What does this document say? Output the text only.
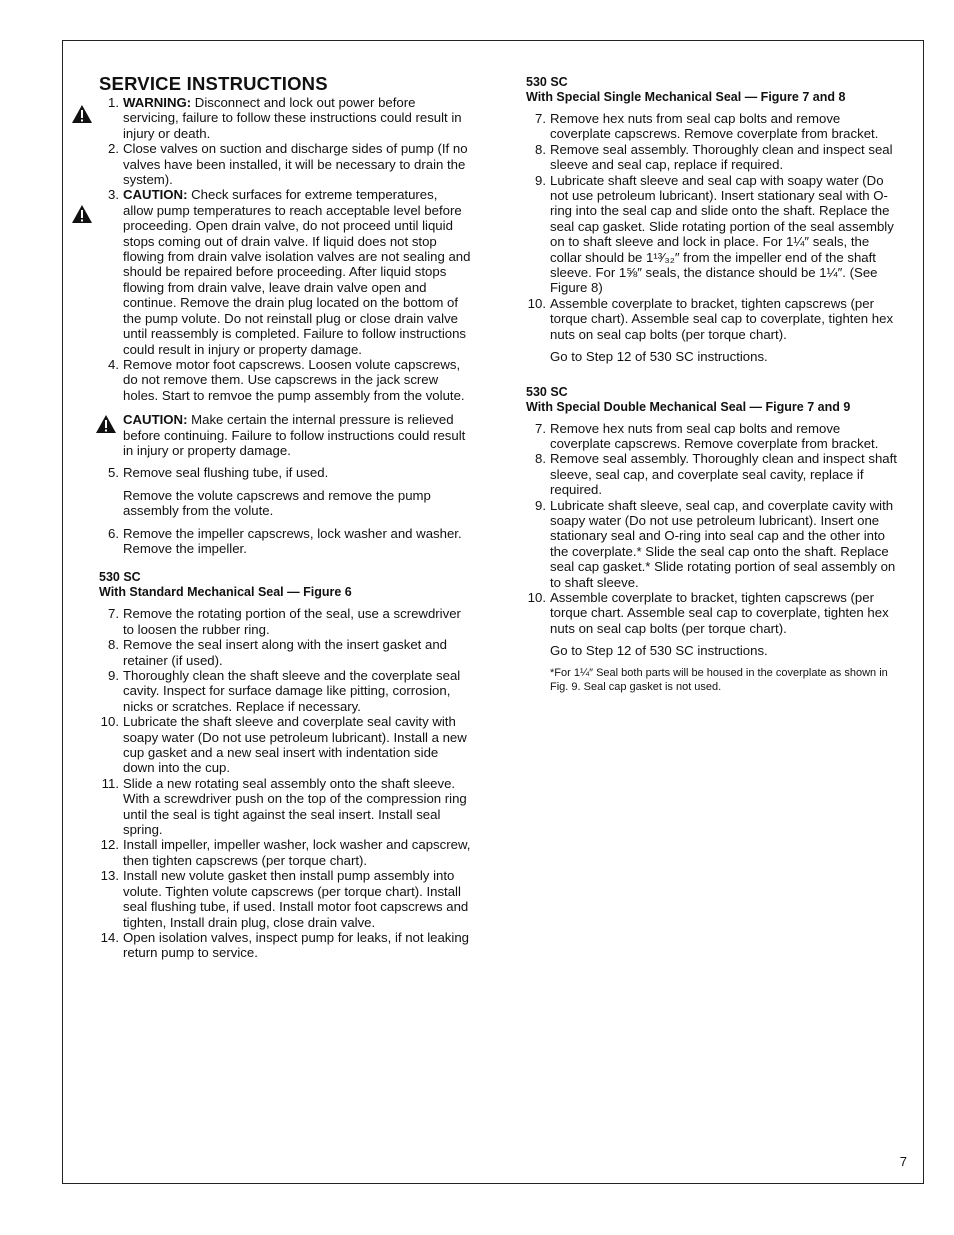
SERVICE INSTRUCTIONS
1. WARNING: Disconnect and lock out power before servicing, failure to follow these instructions could result in injury or death.
2. Close valves on suction and discharge sides of pump (If no valves have been installed, it will be necessary to drain the system).
3. CAUTION: Check surfaces for extreme temperatures, allow pump temperatures to reach acceptable level before proceeding. Open drain valve, do not proceed until liquid stops coming out of drain valve. If liquid does not stop flowing from drain valve isolation valves are not sealing and should be repaired before proceeding. After liquid stops flowing from drain valve, leave drain valve open and continue. Remove the drain plug located on the bottom of the pump volute. Do not reinstall plug or close drain valve until reassembly is completed. Failure to follow instructions could result in injury or property damage.
4. Remove motor foot capscrews. Loosen volute capscrews, do not remove them. Use capscrews in the jack screw holes. Start to remvoe the pump assembly from the volute.

CAUTION: Make certain the internal pressure is relieved before continuing. Failure to follow instructions could result in injury or property damage.

5. Remove seal flushing tube, if used.

Remove the volute capscrews and remove the pump assembly from the volute.

6. Remove the impeller capscrews, lock washer and washer. Remove the impeller.

530 SC

With Standard Mechanical Seal — Figure 6

7. Remove the rotating portion of the seal, use a screwdriver to loosen the rubber ring.
8. Remove the seal insert along with the insert gasket and retainer (if used).
9. Thoroughly clean the shaft sleeve and the coverplate seal cavity. Inspect for surface damage like pitting, corrosion, nicks or scratches. Replace if necessary.
10. Lubricate the shaft sleeve and coverplate seal cavity with soapy water (Do not use petroleum lubricant). Install a new cup gasket and a new seal insert with indentation side down into the cup.
11. Slide a new rotating seal assembly onto the shaft sleeve. With a screwdriver push on the top of the compression ring until the seal is tight against the seal insert. Install seal spring.
12. Install impeller, impeller washer, lock washer and capscrew, then tighten capscrews (per torque chart).
13. Install new volute gasket then install pump assembly into volute. Tighten volute capscrews (per torque chart). Install seal flushing tube, if used. Install motor foot capscrews and tighten, Install drain plug, close drain valve.
14. Open isolation valves, inspect pump for leaks, if not leaking return pump to service.

530 SC

With Special Single Mechanical Seal — Figure 7 and 8

7. Remove hex nuts from seal cap bolts and remove coverplate capscrews. Remove coverplate from bracket.
8. Remove seal assembly. Thoroughly clean and inspect seal sleeve and seal cap, replace if required.
9. Lubricate shaft sleeve and seal cap with soapy water (Do not use petroleum lubricant). Insert stationary seal with O-ring into the seal cap and slide onto the shaft. Replace the seal cap gasket. Slide rotating portion of the seal assembly on to shaft sleeve and lock in place. For 1¼″ seals, the collar should be 1¹³⁄₃₂″ from the impeller end of the shaft sleeve. For 1⅝″ seals, the distance should be 1¼″. (See Figure 8)
10. Assemble coverplate to bracket, tighten capscrews (per torque chart). Assemble seal cap to coverplate, tighten hex nuts on seal cap bolts (per torque chart).

Go to Step 12 of 530 SC instructions.

530 SC

With Special Double Mechanical Seal — Figure 7 and 9

7. Remove hex nuts from seal cap bolts and remove coverplate capscrews. Remove coverplate from bracket.
8. Remove seal assembly. Thoroughly clean and inspect shaft sleeve, seal cap, and coverplate seal cavity, replace if required.
9. Lubricate shaft sleeve, seal cap, and coverplate cavity with soapy water (Do not use petroleum lubricant). Insert one stationary seal and O-ring into seal cap and the other into the coverplate.* Slide the seal cap onto the shaft. Replace seal cap gasket.* Slide rotating portion of seal assembly on to shaft sleeve.
10. Assemble coverplate to bracket, tighten capscrews (per torque chart. Assemble seal cap to coverplate, tighten hex nuts on seal cap bolts (per torque chart).

Go to Step 12 of 530 SC instructions.

*For 1¼″ Seal both parts will be housed in the coverplate as shown in Fig. 9. Seal cap gasket is not used.

7
